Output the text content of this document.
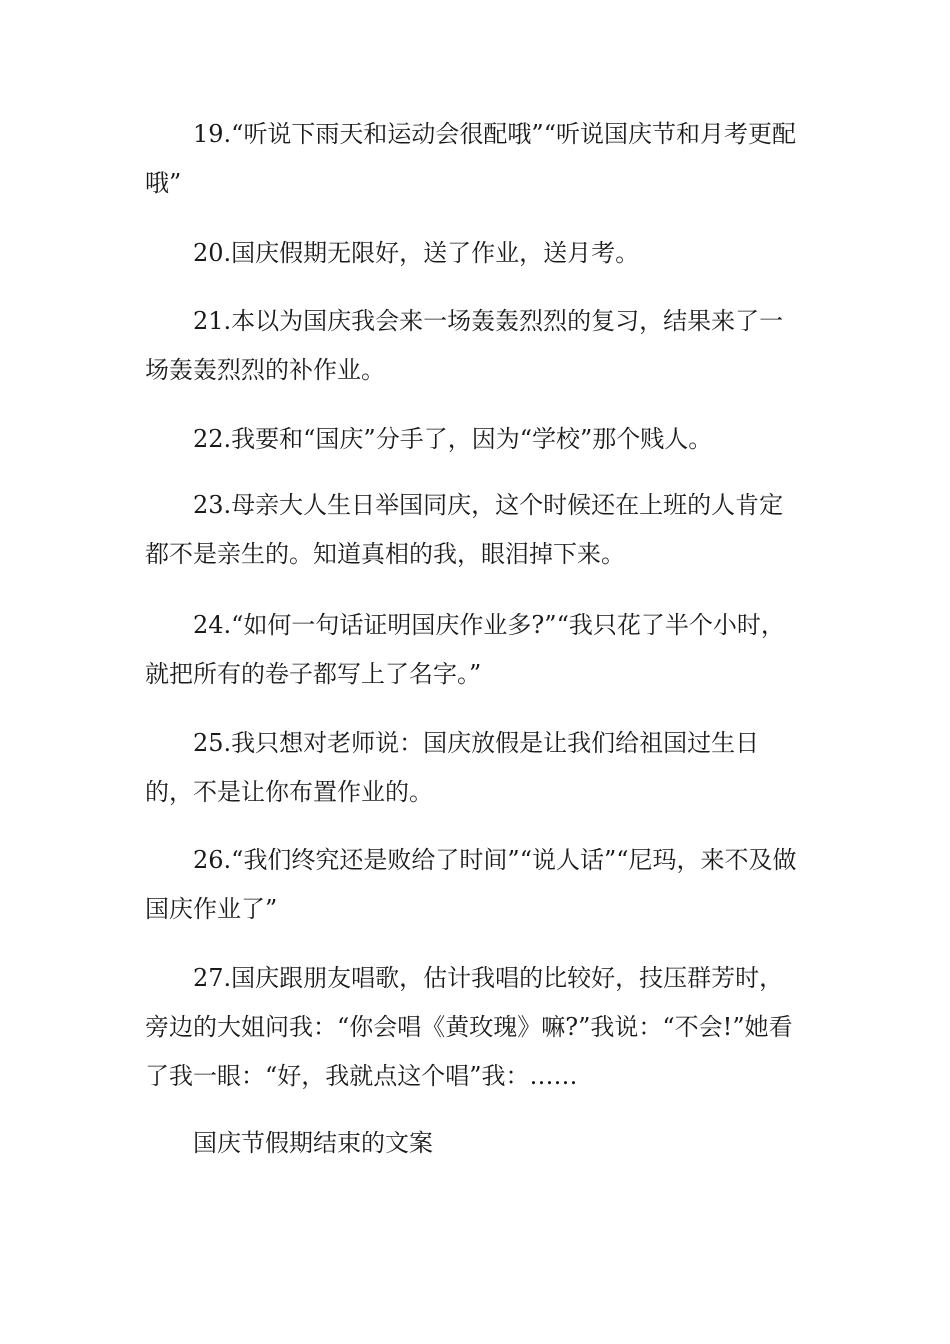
19.“听说下雨天和运动会很配哦”“听说国庆节和月考更配哦”

20.国庆假期无限好，送了作业，送月考。

21.本以为国庆我会来一场轰轰烈烈的复习，结果来了一场轰轰烈烈的补作业。

22.我要和“国庆”分手了，因为“学校”那个贱人。

23.母亲大人生日举国同庆，这个时候还在上班的人肯定都不是亲生的。知道真相的我，眼泪掉下来。

24.“如何一句话证明国庆作业多?”“我只花了半个小时，就把所有的卷子都写上了名字。”

25.我只想对老师说：国庆放假是让我们给祖国过生日的，不是让你布置作业的。

26.“我们终究还是败给了时间”“说人话”“尼玛，来不及做国庆作业了”

27.国庆跟朋友唱歌，估计我唱的比较好，技压群芳时，旁边的大姐问我：“你会唱《黄玫瑰》嘛?”我说：“不会!”她看了我一眼：“好，我就点这个唱”我：……

国庆节假期结束的文案
